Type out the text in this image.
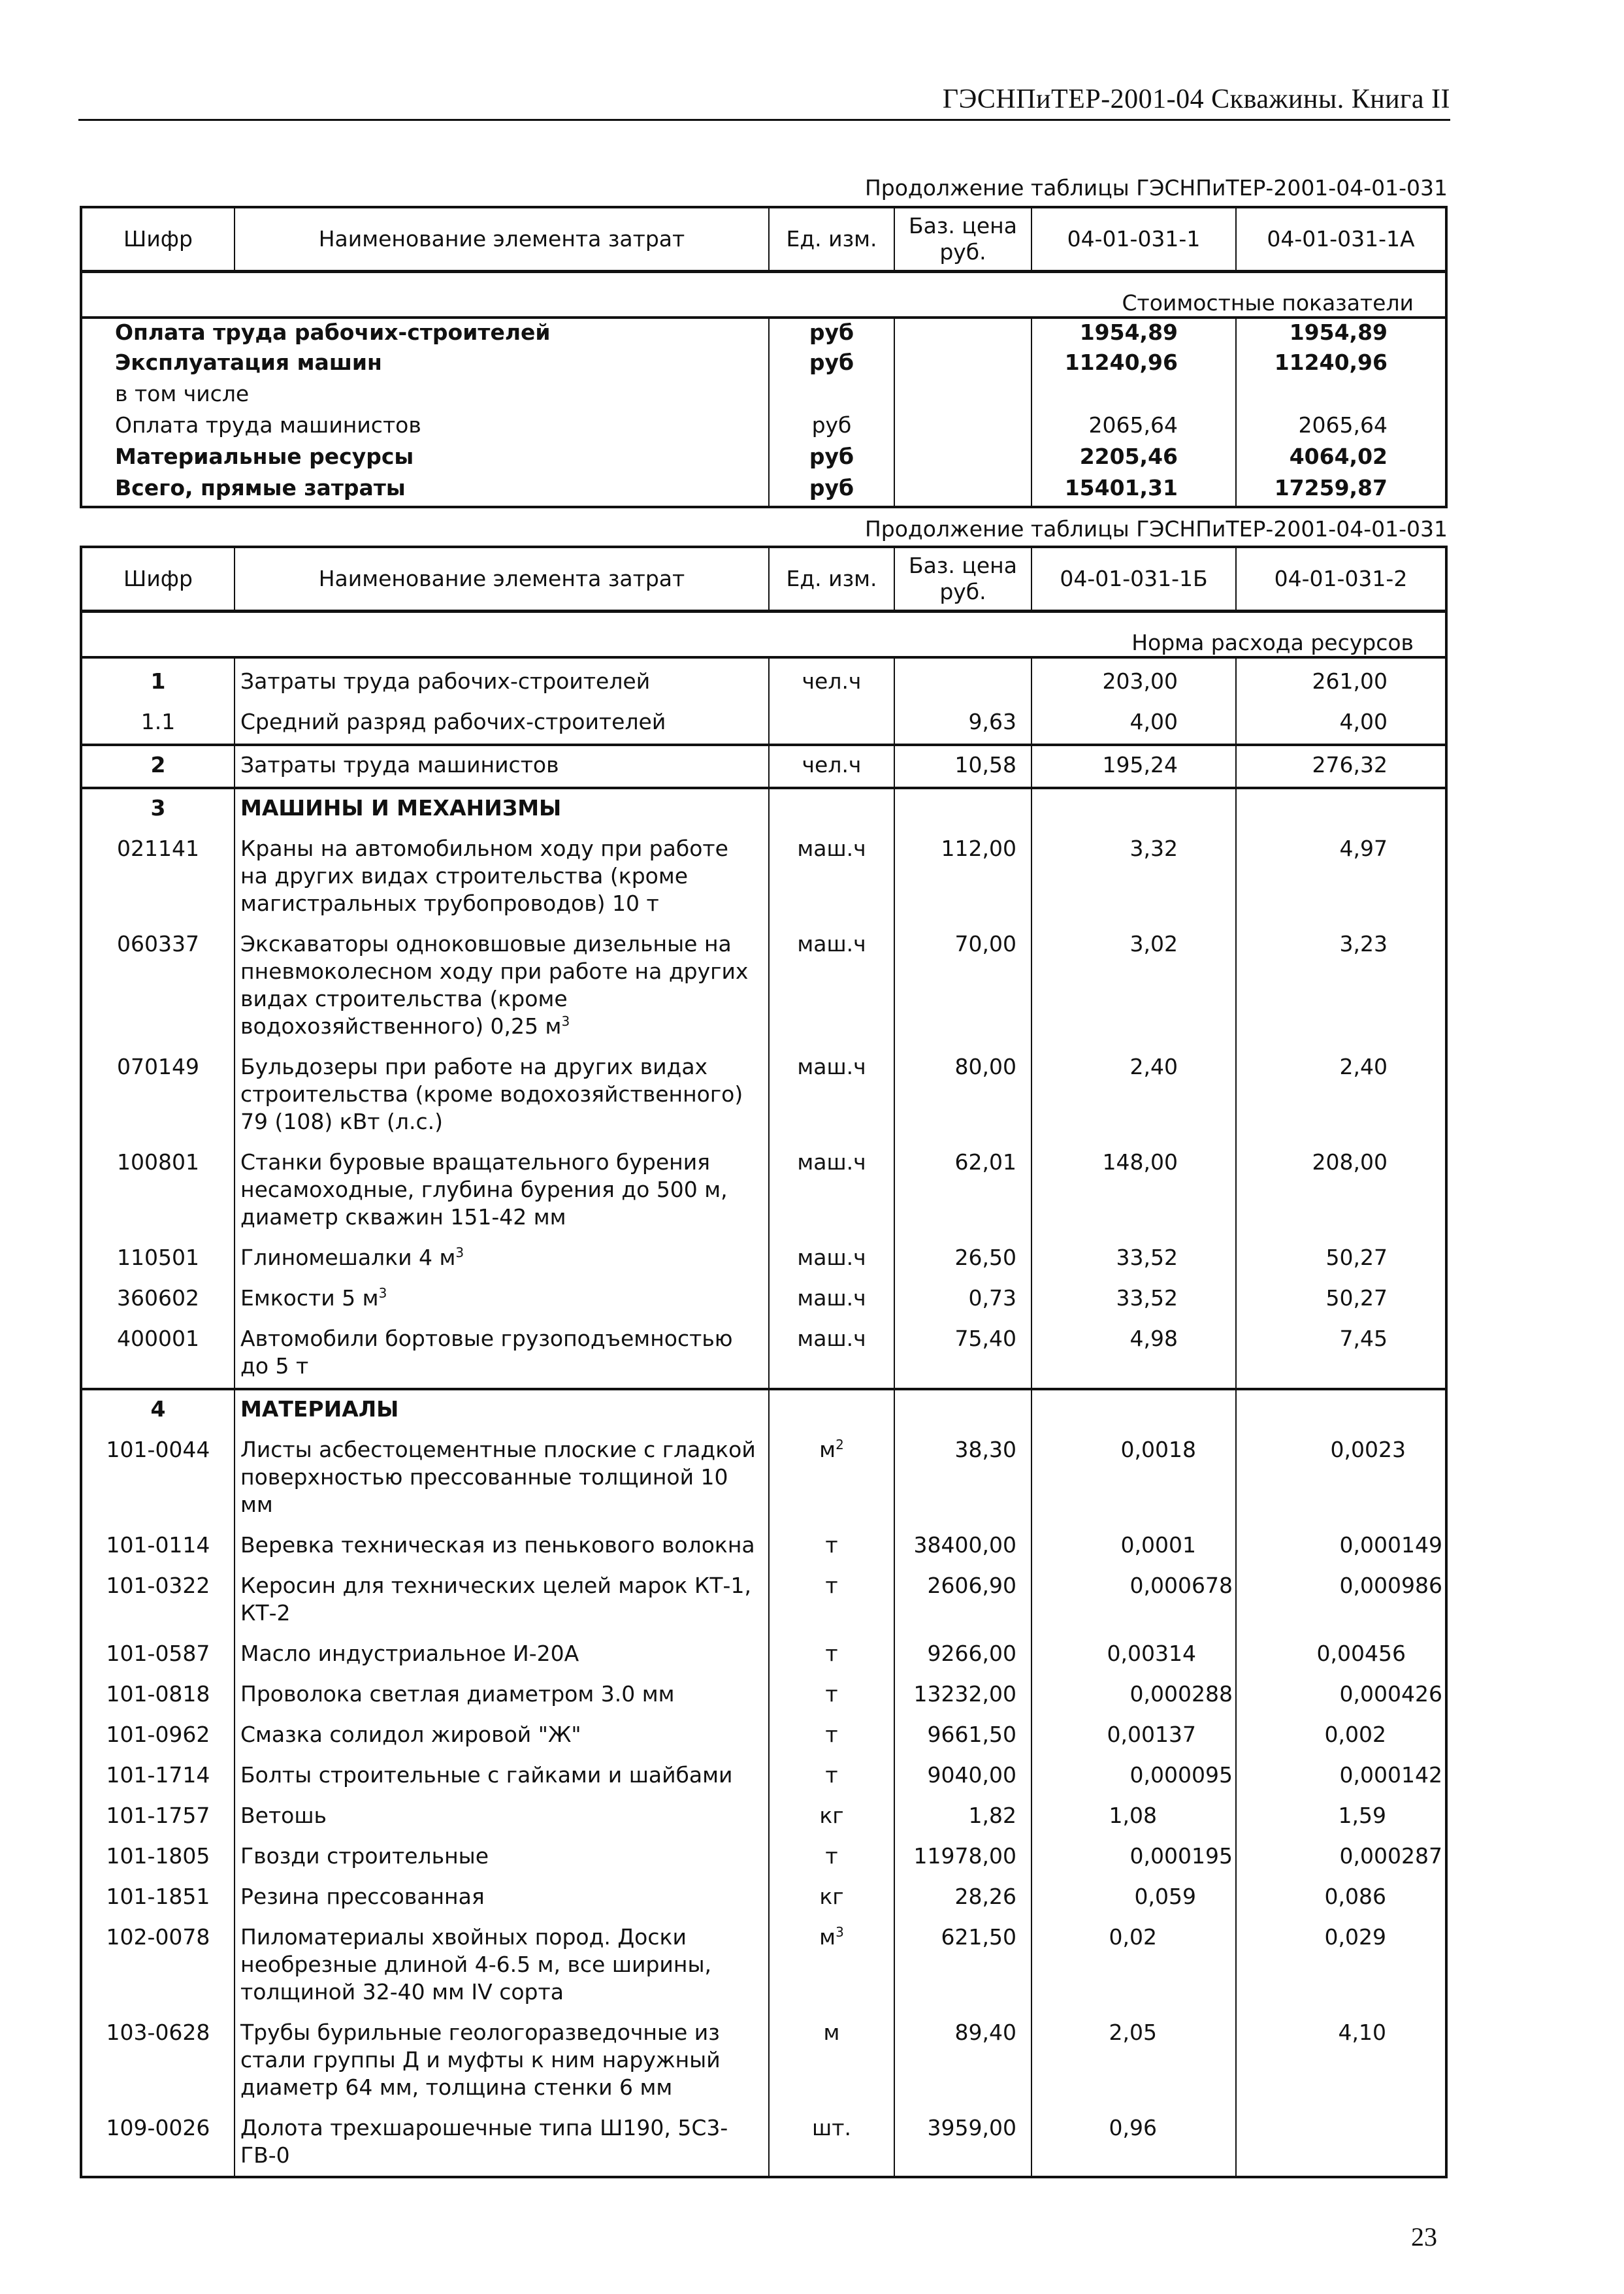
ГЭСНПиТЕР-2001-04 Скважины. Книга II
Продолжение таблицы ГЭСНПиТЕР-2001-04-01-031
Шифр	Наименование элемента затрат	Ед. изм.	Баз. цена руб.	04-01-031-1	04-01-031-1А
Стоимостные показатели					
Оплата труда рабочих-строителей		руб		1954,89	1954,89
Эксплуатация машин		руб		11240,96	11240,96
в том числе					
Оплата труда машинистов		руб		2065,64	2065,64
Материальные ресурсы		руб		2205,46	4064,02
Всего, прямые затраты		руб		15401,31	17259,87
Продолжение таблицы ГЭСНПиТЕР-2001-04-01-031
Шифр	Наименование элемента затрат	Ед. изм.	Баз. цена руб.	04-01-031-1Б	04-01-031-2
Норма расхода ресурсов					
1	Затраты труда рабочих-строителей	чел.ч		203,00	261,00
1.1	Средний разряд рабочих-строителей		9,63	4,00	4,00
2	Затраты труда машинистов	чел.ч	10,58	195,24	276,32
3	МАШИНЫ И МЕХАНИЗМЫ				
021141	Краны на автомобильном ходу при работе на других видах строительства (кроме магистральных трубопроводов) 10 т	маш.ч	112,00	3,32	4,97
060337	Экскаваторы одноковшовые дизельные на пневмоколесном ходу при работе на других видах строительства (кроме водохозяйственного) 0,25 $м^3$	маш.ч	70,00	3,02	3,23
070149	Бульдозеры при работе на других видах строительства (кроме водохозяйственного) 79 (108) кВт (л.с.)	маш.ч	80,00	2,40	2,40
100801	Станки буровые вращательного бурения несамоходные, глубина бурения до 500 м, диаметр скважин 151-42 мм	маш.ч	62,01	148,00	208,00
110501	Глиномешалки 4 $м^3$	маш.ч	26,50	33,52	50,27
360602	Емкости 5 $м^3$	маш.ч	0,73	33,52	50,27
400001	Автомобили бортовые грузоподъемностью до 5 т	маш.ч	75,40	4,98	7,45
4	МАТЕРИАЛЫ				
101-0044	Листы асбестоцементные плоские с гладкой поверхностью прессованные толщиной 10 мм	$м^2$	38,30	0,0018	0,0023
101-0114	Веревка техническая из пенькового волокна	т	38400,00	0,0001	0,000149
101-0322	Керосин для технических целей марок КТ-1, КТ-2	т	2606,90	0,000678	0,000986
101-0587	Масло индустриальное И-20А	т	9266,00	0,00314	0,00456
101-0818	Проволока светлая диаметром 3.0 мм	т	13232,00	0,000288	0,000426
101-0962	Смазка солидол жировой "Ж"	т	9661,50	0,00137	0,002
101-1714	Болты строительные с гайками и шайбами	т	9040,00	0,000095	0,000142
101-1757	Ветошь	кг	1,82	1,08	1,59
101-1805	Гвозди строительные	т	11978,00	0,000195	0,000287
101-1851	Резина прессованная	кг	28,26	0,059	0,086
102-0078	Пиломатериалы хвойных пород. Доски необрезные длиной 4-6.5 м, все ширины, толщиной 32-40 мм IV сорта	$м^3$	621,50	0,02	0,029
103-0628	Трубы бурильные геологоразведочные из стали группы Д и муфты к ним наружный диаметр 64 мм, толщина стенки 6 мм	м	89,40	2,05	4,10
109-0026	Долота трехшарошечные типа Ш190, 5С3-ГВ-0	шт.	3959,00	0,96	
23
